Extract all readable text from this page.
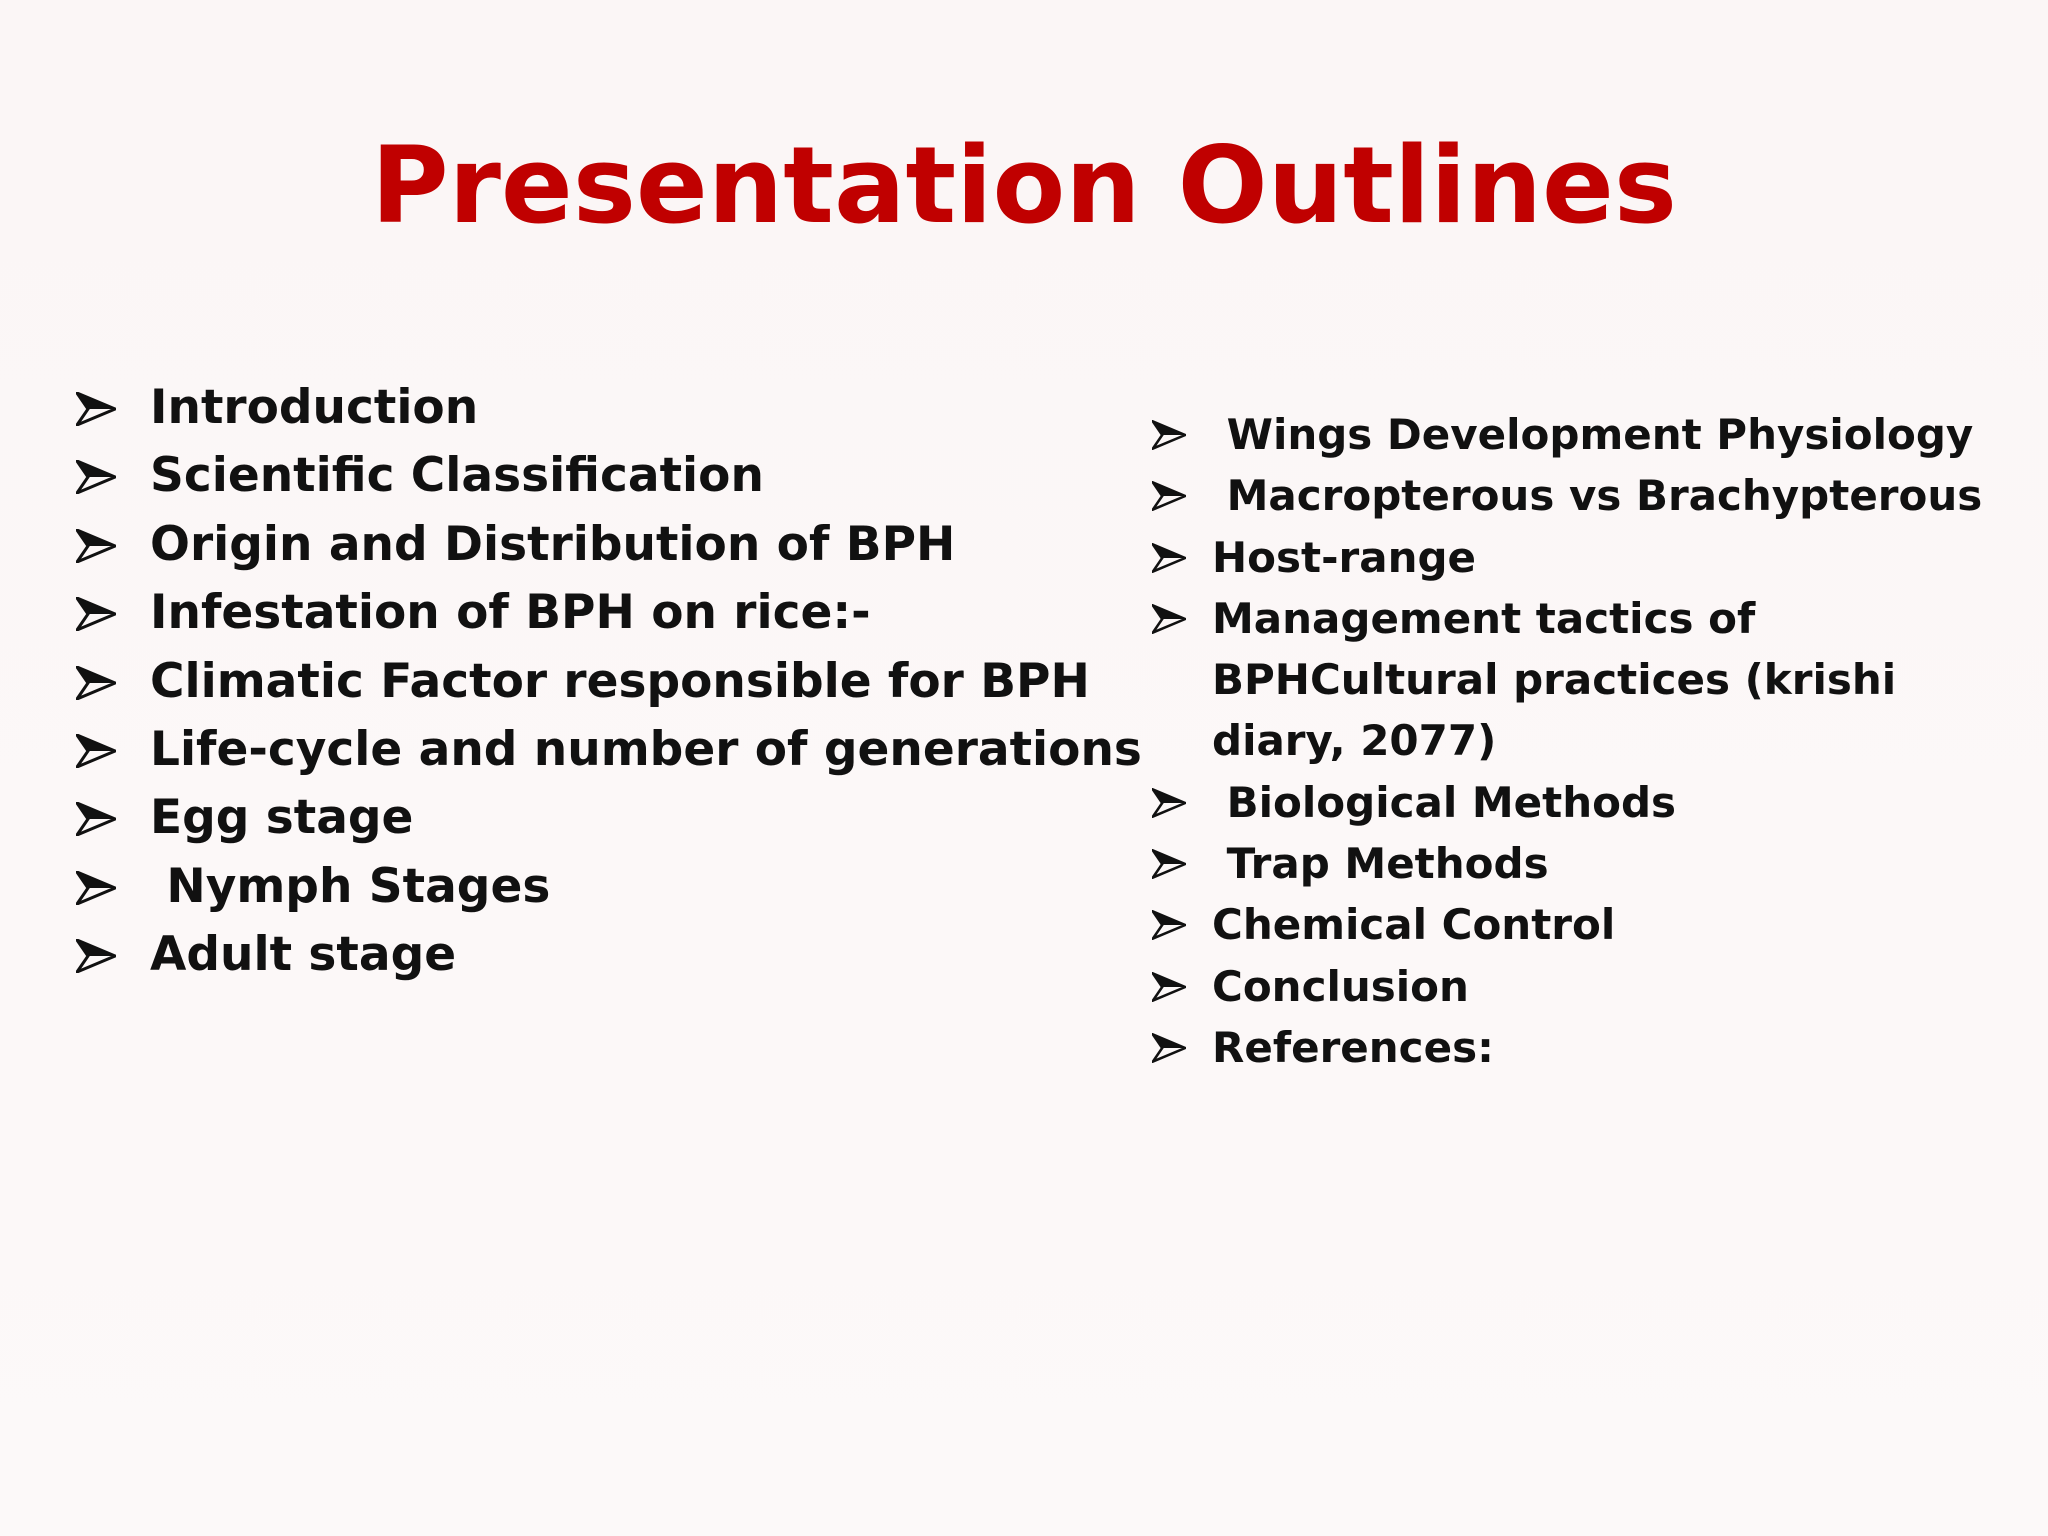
Presentation Outlines
Introduction
Scientific Classification
Origin and Distribution of BPH
Infestation of BPH on rice:-
Climatic Factor responsible for BPH
Life-cycle and number of generations
Egg stage
Nymph Stages
Adult stage
Wings Development Physiology
Macropterous vs Brachypterous
Host-range
Management tactics of BPHCultural practices (krishi diary, 2077)
Biological Methods
Trap Methods
Chemical Control
Conclusion
References:
